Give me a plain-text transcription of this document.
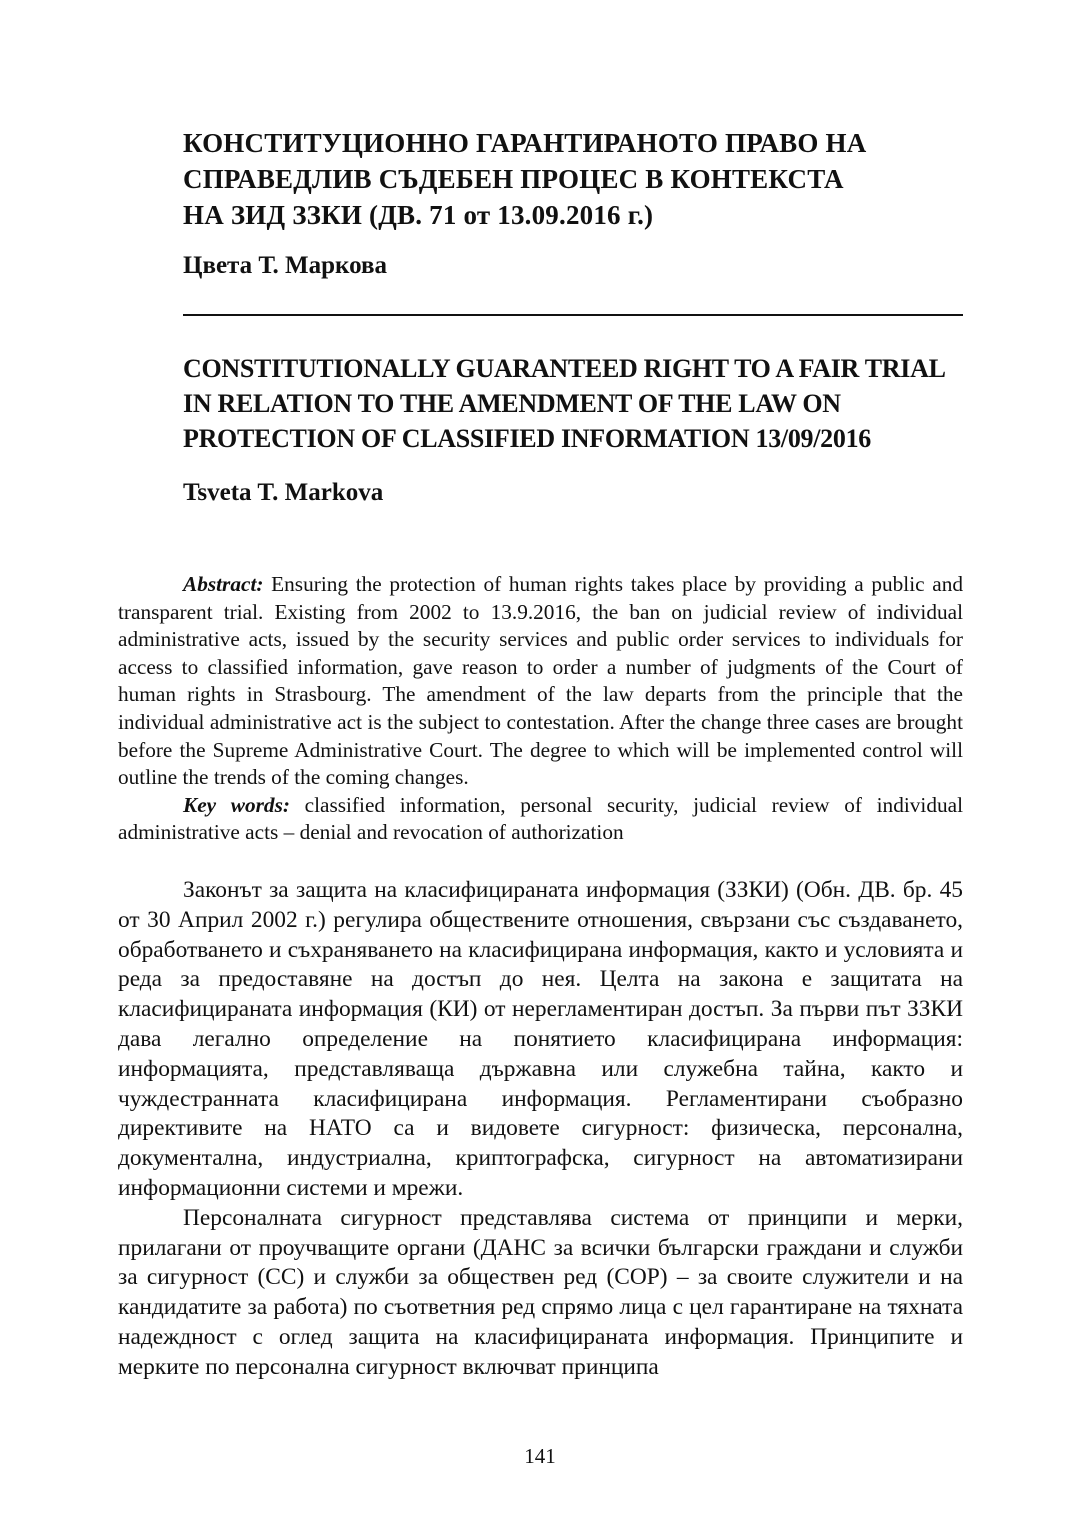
КОНСТИТУЦИОННО ГАРАНТИРАНОТО ПРАВО НА
СПРАВЕДЛИВ СЪДЕБЕН ПРОЦЕС В КОНТЕКСТА
НА ЗИД ЗЗКИ (ДВ. 71 от 13.09.2016 г.)
Цвета Т. Маркова
CONSTITUTIONALLY GUARANTEED RIGHT TO A FAIR TRIAL
IN RELATION TO THE AMENDMENT OF THE LAW ON
PROTECTION OF CLASSIFIED INFORMATION 13/09/2016
Tsveta T. Markova

Abstract: Ensuring the protection of human rights takes place by providing a public and transparent trial. Existing from 2002 to 13.9.2016, the ban on judicial review of individual administrative acts, issued by the security services and public order services to individuals for access to classified information, gave reason to order a number of judgments of the Court of human rights in Strasbourg. The amendment of the law departs from the principle that the individual administrative act is the subject to contestation. After the change three cases are brought before the Supreme Administrative Court. The degree to which will be implemented control will outline the trends of the coming changes.

Key words: classified information, personal security, judicial review of individual administrative acts – denial and revocation of authorization

Законът за защита на класифицираната информация (ЗЗКИ) (Обн. ДВ. бр. 45 от 30 Април 2002 г.) регулира обществените отношения, свързани със създаването, обработването и съхраняването на класифицирана информация, както и условията и реда за предоставяне на достъп до нея. Целта на закона е защитата на класифицираната информация (КИ) от нерегламентиран достъп. За първи път ЗЗКИ дава легално определение на понятието класифицирана информация: информацията, представляваща държавна или служебна тайна, както и чуждестранната класифицирана информация. Регламентирани съобразно директивите на НАТО са и видовете сигурност: физическа, персонална, документална, индустриална, криптографска, сигурност на автоматизирани информационни системи и мрежи.

Персоналната сигурност представлява система от принципи и мерки, прилагани от проучващите органи (ДАНС за всички български граждани и служби за сигурност (СС) и служби за обществен ред (СОР) – за своите служители и на кандидатите за работа) по съответния ред спрямо лица с цел гарантиране на тяхната надеждност с оглед защита на класифицираната информация. Принципите и мерките по персонална сигурност включват принципа

141
